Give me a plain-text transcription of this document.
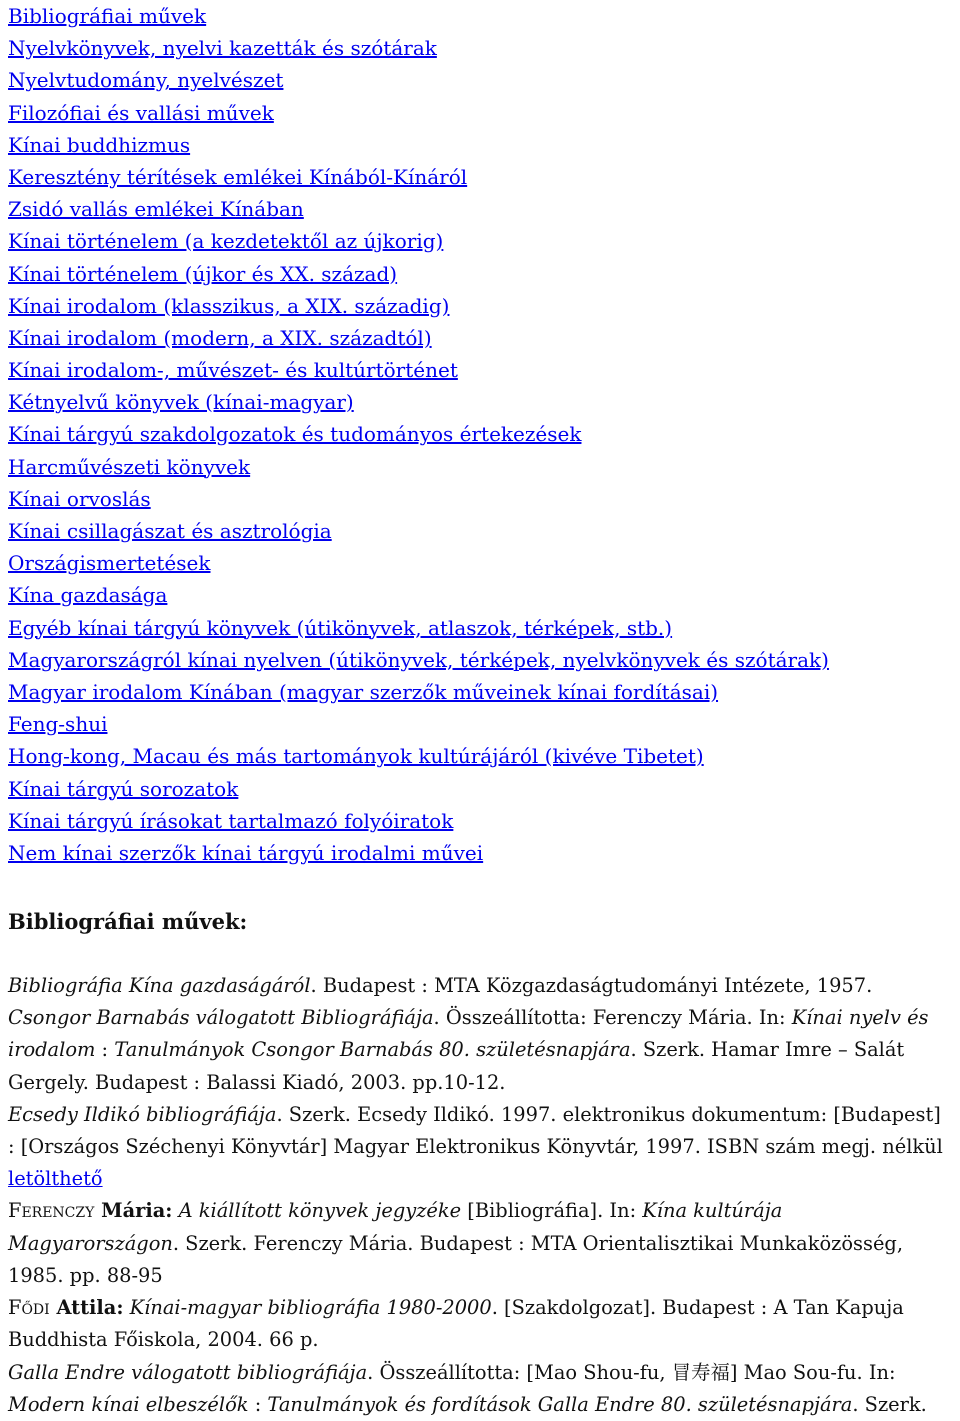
Bibliográfiai művek
Nyelvkönyvek, nyelvi kazetták és szótárak
Nyelvtudomány, nyelvészet
Filozófiai és vallási művek
Kínai buddhizmus
Keresztény térítések emlékei Kínából-Kínáról
Zsidó vallás emlékei Kínában
Kínai történelem (a kezdetektől az újkorig)
Kínai történelem (újkor és XX. század)
Kínai irodalom (klasszikus, a XIX. századig)
Kínai irodalom (modern, a XIX. századtól)
Kínai irodalom-, művészet- és kultúrtörténet
Kétnyelvű könyvek (kínai-magyar)
Kínai tárgyú szakdolgozatok és tudományos értekezések
Harcművészeti könyvek
Kínai orvoslás
Kínai csillagászat és asztrológia
Országismertetések
Kína gazdasága
Egyéb kínai tárgyú könyvek (útikönyvek, atlaszok, térképek, stb.)
Magyarországról kínai nyelven (útikönyvek, térképek, nyelvkönyvek és szótárak)
Magyar irodalom Kínában (magyar szerzők műveinek kínai fordításai)
Feng-shui
Hong-kong, Macau és más tartományok kultúrájáról (kivéve Tibetet)
Kínai tárgyú sorozatok
Kínai tárgyú írásokat tartalmazó folyóiratok
Nem kínai szerzők kínai tárgyú irodalmi művei
Bibliográfiai művek:

Bibliográfia Kína gazdaságáról. Budapest : MTA Közgazdaságtudományi Intézete, 1957.

Csongor Barnabás válogatott Bibliográfiája. Összeállította: Ferenczy Mária. In: Kínai nyelv és irodalom : Tanulmányok Csongor Barnabás 80. születésnapjára. Szerk. Hamar Imre – Salát Gergely. Budapest : Balassi Kiadó, 2003. pp.10-12.

Ecsedy Ildikó bibliográfiája. Szerk. Ecsedy Ildikó. 1997. elektronikus dokumentum: [Budapest] : [Országos Széchenyi Könyvtár] Magyar Elektronikus Könyvtár, 1997. ISBN szám megj. nélkül letölthető

Ferenczy Mária: A kiállított könyvek jegyzéke [Bibliográfia]. In: Kína kultúrája Magyarországon. Szerk. Ferenczy Mária. Budapest : MTA Orientalisztikai Munkaközösség, 1985. pp. 88-95

Fődi Attila: Kínai-magyar bibliográfia 1980-2000. [Szakdolgozat]. Budapest : A Tan Kapuja Buddhista Főiskola, 2004. 66 p.

Galla Endre válogatott bibliográfiája. Összeállította: [Mao Shou-fu, 冒寿福] Mao Sou-fu. In: Modern kínai elbeszélők : Tanulmányok és fordítások Galla Endre 80. születésnapjára. Szerk.
